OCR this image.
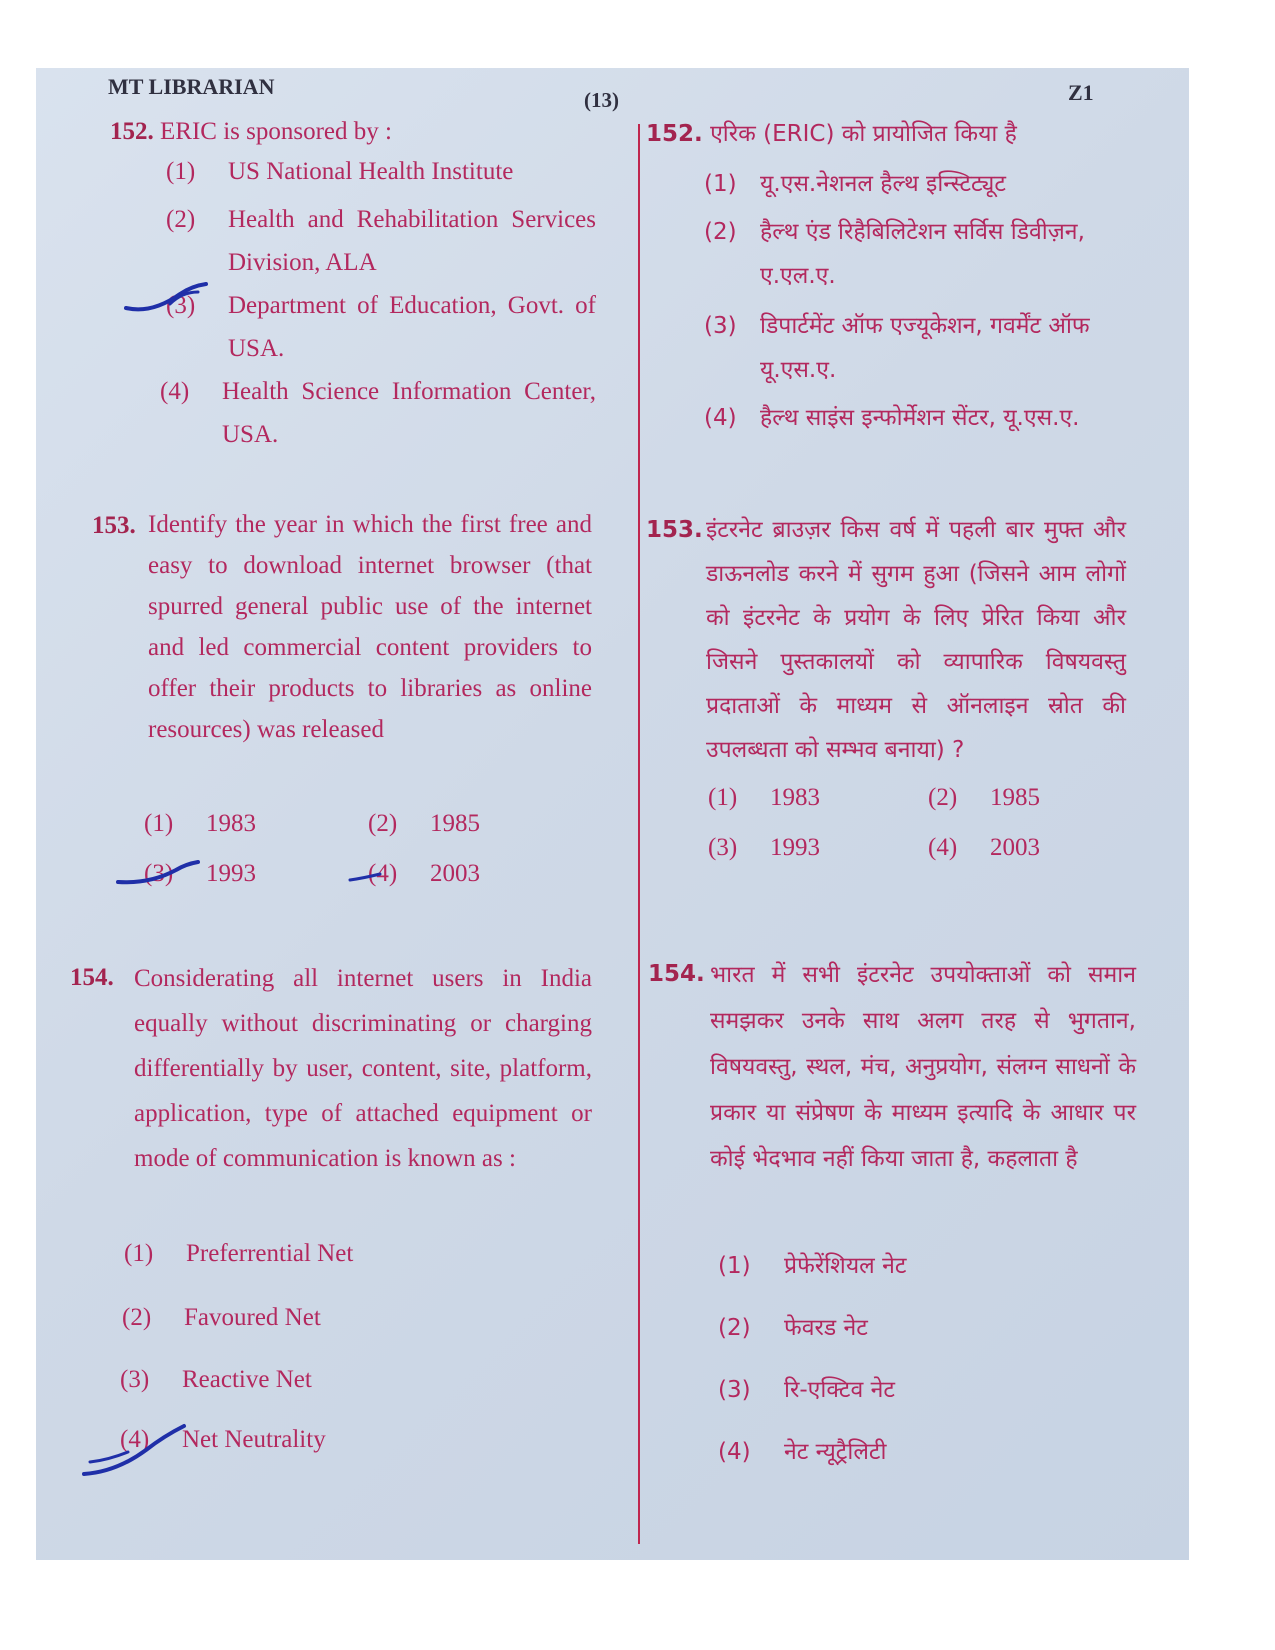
MT LIBRARIAN
(13)	Z1
152. ERIC is sponsored by :
(1) US National Health Institute
(2)	Health and Rehabilitation Services Division, ALA
(3)	Department of Education, Govt. of USA.
(4)	Health Science Information Center, USA.
152. एरिक (ERIC) को प्रायोजित किया है
(1)	यू.एस.नेशनल हैल्थ इन्स्टिट्यूट
(2)	हैल्थ एंड रिहैबिलिटेशन सर्विस डिवीज़न, ए.एल.ए.
(3)	डिपार्टमेंट ऑफ एज्यूकेशन, गवर्मेंट ऑफ यू.एस.ए.
(4)	हैल्थ साइंस इन्फोर्मेशन सेंटर, यू.एस.ए.
153. Identify the year in which the first free and easy to download internet browser (that spurred general public use of the internet and led commercial content providers to offer their products to libraries as online resources) was released
(1) 1983	(2) 1985
(3) 1993	(4) 2003
153. इंटरनेट ब्राउज़र किस वर्ष में पहली बार मुफ्त और डाऊनलोड करने में सुगम हुआ (जिसने आम लोगों को इंटरनेट के प्रयोग के लिए प्रेरित किया और जिसने पुस्तकालयों को व्यापारिक विषयवस्तु प्रदाताओं के माध्यम से ऑनलाइन स्रोत की उपलब्धता को सम्भव बनाया) ?
(1) 1983	(2) 1985
(3) 1993	(4) 2003
154. Considerating all internet users in India equally without discriminating or charging differentially by user, content, site, platform, application, type of attached equipment or mode of communication is known as :
(1) Preferrential Net
(2) Favoured Net
(3) Reactive Net
(4) Net Neutrality
154. भारत में सभी इंटरनेट उपयोक्ताओं को समान समझकर उनके साथ अलग तरह से भुगतान, विषयवस्तु, स्थल, मंच, अनुप्रयोग, संलग्न साधनों के प्रकार या संप्रेषण के माध्यम इत्यादि के आधार पर कोई भेदभाव नहीं किया जाता है, कहलाता है
(1)	प्रेफेरेंशियल नेट
(2)	फेवरड नेट
(3)	रि-एक्टिव नेट
(4)	नेट न्यूट्रैलिटी
